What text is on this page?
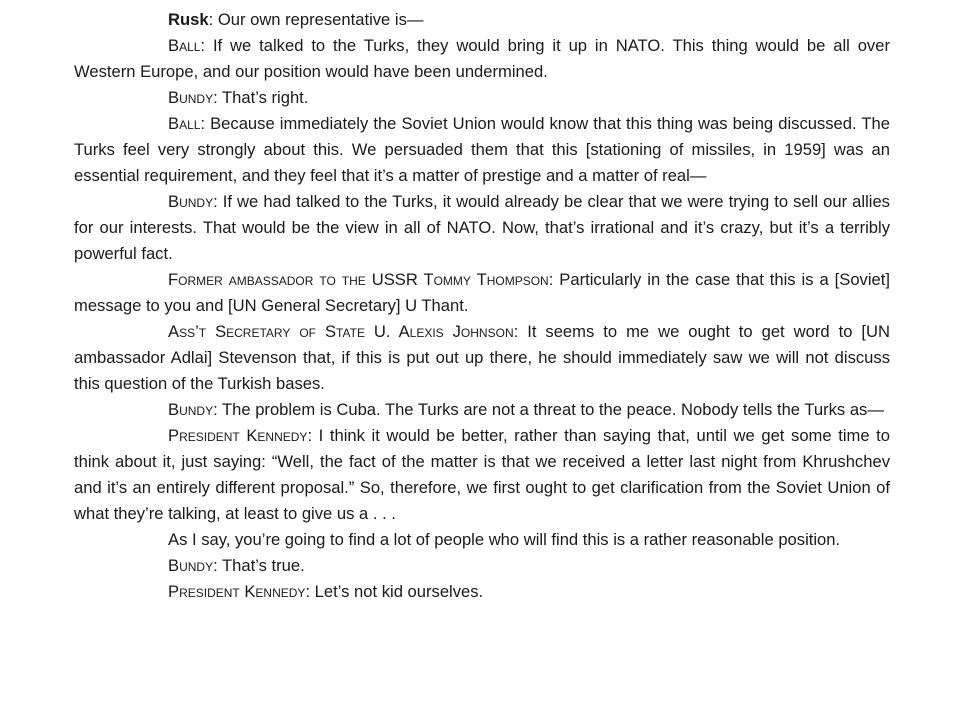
Rusk: Our own representative is—

Ball: If we talked to the Turks, they would bring it up in NATO. This thing would be all over Western Europe, and our position would have been undermined.

Bundy: That’s right.

Ball: Because immediately the Soviet Union would know that this thing was being discussed. The Turks feel very strongly about this. We persuaded them that this [stationing of missiles, in 1959] was an essential requirement, and they feel that it’s a matter of prestige and a matter of real—

Bundy: If we had talked to the Turks, it would already be clear that we were trying to sell our allies for our interests. That would be the view in all of NATO. Now, that’s irrational and it’s crazy, but it’s a terribly powerful fact.

Former ambassador to the USSR Tommy Thompson: Particularly in the case that this is a [Soviet] message to you and [UN General Secretary] U Thant.

Ass’t Secretary of State U. Alexis Johnson: It seems to me we ought to get word to [UN ambassador Adlai] Stevenson that, if this is put out up there, he should immediately saw we will not discuss this question of the Turkish bases.

Bundy: The problem is Cuba. The Turks are not a threat to the peace. Nobody tells the Turks as—

President Kennedy: I think it would be better, rather than saying that, until we get some time to think about it, just saying: “Well, the fact of the matter is that we received a letter last night from Khrushchev and it’s an entirely different proposal.” So, therefore, we first ought to get clarification from the Soviet Union of what they’re talking, at least to give us a . . .

As I say, you’re going to find a lot of people who will find this is a rather reasonable position.

Bundy: That’s true.

President Kennedy: Let’s not kid ourselves.
